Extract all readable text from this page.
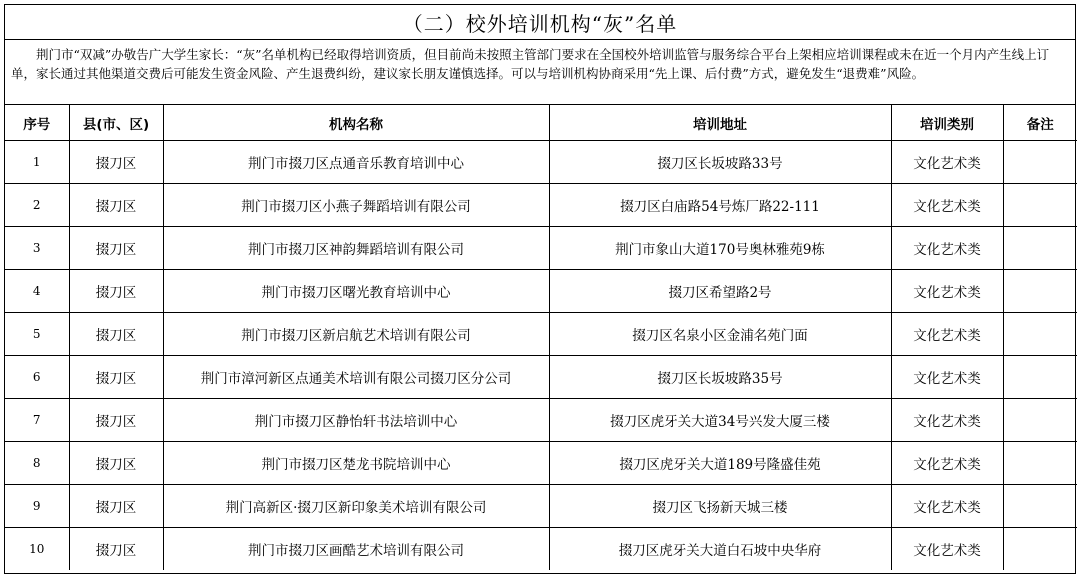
（二）校外培训机构“灰”名单
荆门市“双减”办敬告广大学生家长：“灰”名单机构已经取得培训资质，但目前尚未按照主管部门要求在全国校外培训监管与服务综合平台上架相应培训课程或未在近一个月内产生线上订单，家长通过其他渠道交费后可能发生资金风险、产生退费纠纷，建议家长朋友谨慎选择。可以与培训机构协商采用“先上课、后付费”方式，避免发生“退费难”风险。
序号	县(市、区)	机构名称	培训地址	培训类别	备注
1	掇刀区	荆门市掇刀区点通音乐教育培训中心	掇刀区长坂坡路33号	文化艺术类	
2	掇刀区	荆门市掇刀区小燕子舞蹈培训有限公司	掇刀区白庙路54号炼厂路22-111	文化艺术类	
3	掇刀区	荆门市掇刀区神韵舞蹈培训有限公司	荆门市象山大道170号奥林雅苑9栋	文化艺术类	
4	掇刀区	荆门市掇刀区曙光教育培训中心	掇刀区希望路2号	文化艺术类	
5	掇刀区	荆门市掇刀区新启航艺术培训有限公司	掇刀区名泉小区金浦名苑门面	文化艺术类	
6	掇刀区	荆门市漳河新区点通美术培训有限公司掇刀区分公司	掇刀区长坂坡路35号	文化艺术类	
7	掇刀区	荆门市掇刀区静怡轩书法培训中心	掇刀区虎牙关大道34号兴发大厦三楼	文化艺术类	
8	掇刀区	荆门市掇刀区楚龙书院培训中心	掇刀区虎牙关大道189号隆盛佳苑	文化艺术类	
9	掇刀区	荆门高新区·掇刀区新印象美术培训有限公司	掇刀区飞扬新天城三楼	文化艺术类	
10	掇刀区	荆门市掇刀区画酷艺术培训有限公司	掇刀区虎牙关大道白石坡中央华府	文化艺术类	
